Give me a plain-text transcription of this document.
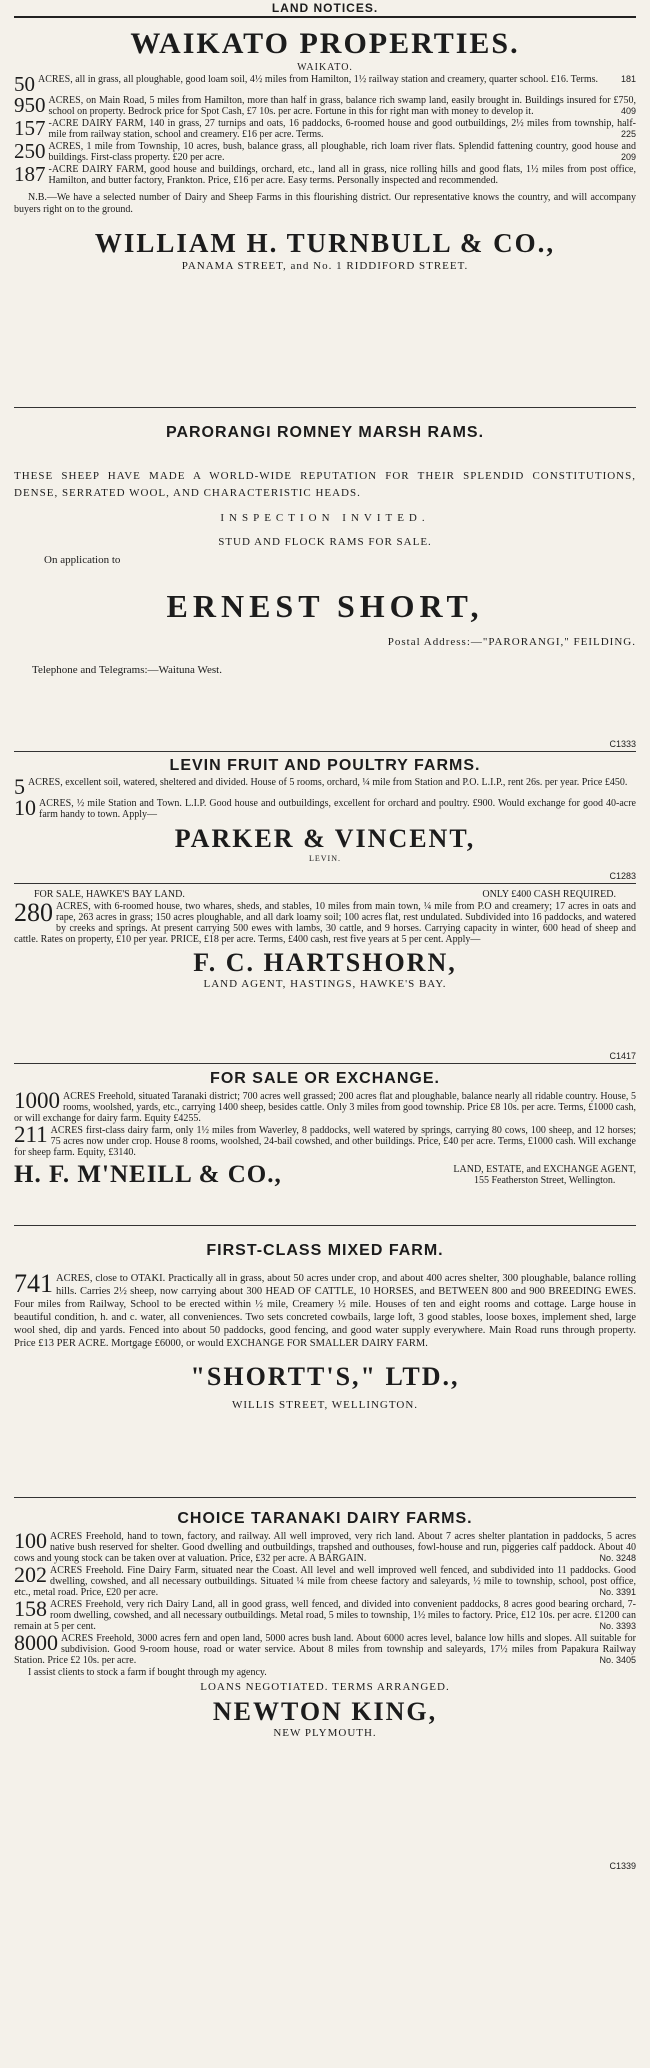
LAND NOTICES.
WAIKATO PROPERTIES.
WAIKATO.
50 ACRES, all in grass, all ploughable, good loam soil, 4½ miles from Hamilton, 1½ railway station and creamery, quarter school. £16. Terms.	181
950 ACRES, on Main Road, 5 miles from Hamilton, more than half in grass, balance rich swamp land, easily brought in. Buildings insured for £750, school on property. Bedrock price for Spot Cash, £7 10s. per acre. Fortune in this for right man with money to develop it.	409
157 -ACRE DAIRY FARM, 140 in grass, 27 turnips and oats, 16 paddocks, 6-roomed house and good outbuildings, 2½ miles from township, half-mile from railway station, school and creamery. £16 per acre. Terms.	225
250 ACRES, 1 mile from Township, 10 acres, bush, balance grass, all ploughable, rich loam river flats. Splendid fattening country, good house and buildings. First-class property. £20 per acre.	209
187 -ACRE DAIRY FARM, good house and buildings, orchard, etc., land all in grass, nice rolling hills and good flats, 1½ miles from post office, Hamilton, and butter factory, Frankton. Price, £16 per acre. Easy terms. Personally inspected and recommended.
N.B.—We have a selected number of Dairy and Sheep Farms in this flourishing district. Our representative knows the country, and will accompany buyers right on to the ground.
WILLIAM H. TURNBULL & CO.,
PANAMA STREET, and No. 1 RIDDIFORD STREET.
PARORANGI ROMNEY MARSH RAMS.
THESE SHEEP HAVE MADE A WORLD-WIDE REPUTATION FOR THEIR SPLENDID CONSTITUTIONS, DENSE, SERRATED WOOL, AND CHARACTERISTIC HEADS.
INSPECTION INVITED.
STUD AND FLOCK RAMS FOR SALE.
On application to
ERNEST SHORT,
Postal Address:—"PARORANGI," FEILDING.
Telephone and Telegrams:—Waituna West.
C1333
LEVIN FRUIT AND POULTRY FARMS.
5 ACRES, excellent soil, watered, sheltered and divided. House of 5 rooms, orchard, ¼ mile from Station and P.O. L.I.P., rent 26s. per year. Price £450.
10 ACRES, ½ mile Station and Town. L.I.P. Good house and outbuildings, excellent for orchard and poultry. £900. Would exchange for good 40-acre farm handy to town. Apply—
PARKER & VINCENT,
LEVIN.
C1283
FOR SALE, HAWKE'S BAY LAND.	ONLY £400 CASH REQUIRED.
280 ACRES, with 6-roomed house, two whares, sheds, and stables, 10 miles from main town, ¼ mile from P.O and creamery; 17 acres in oats and rape, 263 acres in grass; 150 acres ploughable, and all dark loamy soil; 100 acres flat, rest undulated. Subdivided into 16 paddocks, and watered by creeks and springs. At present carrying 500 ewes with lambs, 30 cattle, and 9 horses. Carrying capacity in winter, 600 head of sheep and cattle. Rates on property, £10 per year. PRICE, £18 per acre. Terms, £400 cash, rest five years at 5 per cent. Apply—
F. C. HARTSHORN,
LAND AGENT, HASTINGS, HAWKE'S BAY.
C1417
FOR SALE OR EXCHANGE.
1000 ACRES Freehold, situated Taranaki district; 700 acres well grassed; 200 acres flat and ploughable, balance nearly all ridable country. House, 5 rooms, woolshed, yards, etc., carrying 1400 sheep, besides cattle. Only 3 miles from good township. Price £8 10s. per acre. Terms, £1000 cash, or will exchange for dairy farm. Equity £4255.
211 ACRES first-class dairy farm, only 1½ miles from Waverley, 8 paddocks, well watered by springs, carrying 80 cows, 100 sheep, and 12 horses; 75 acres now under crop. House 8 rooms, woolshed, 24-bail cowshed, and other buildings. Price, £40 per acre. Terms, £1000 cash. Will exchange for sheep farm. Equity, £3140.
H. F. M'NEILL & CO.,	LAND, ESTATE, and EXCHANGE AGENT,
155 Featherston Street, Wellington.
FIRST-CLASS MIXED FARM.
741 ACRES, close to OTAKI. Practically all in grass, about 50 acres under crop, and about 400 acres shelter, 300 ploughable, balance rolling hills. Carries 2½ sheep, now carrying about 300 HEAD OF CATTLE, 10 HORSES, and BETWEEN 800 and 900 BREEDING EWES. Four miles from Railway, School to be erected within ½ mile, Creamery ½ mile. Houses of ten and eight rooms and cottage. Large house in beautiful condition, h. and c. water, all conveniences. Two sets concreted cowbails, large loft, 3 good stables, loose boxes, implement shed, large wool shed, dip and yards. Fenced into about 50 paddocks, good fencing, and good water supply everywhere. Main Road runs through property. Price £13 PER ACRE. Mortgage £6000, or would EXCHANGE FOR SMALLER DAIRY FARM.
"SHORTT'S," LTD.,
WILLIS STREET, WELLINGTON.
CHOICE TARANAKI DAIRY FARMS.
100 ACRES Freehold, hand to town, factory, and railway. All well improved, very rich land. About 7 acres shelter plantation in paddocks, 5 acres native bush reserved for shelter. Good dwelling and outbuildings, trapshed and outhouses, fowl-house and run, piggeries calf paddock. About 40 cows and young stock can be taken over at valuation. Price, £32 per acre. A BARGAIN.	No. 3248
202 ACRES Freehold. Fine Dairy Farm, situated near the Coast. All level and well improved well fenced, and subdivided into 11 paddocks. Good dwelling, cowshed, and all necessary outbuildings. Situated ¼ mile from cheese factory and saleyards, ½ mile to township, school, post office, etc., metal road. Price, £20 per acre.	No. 3391
158 ACRES Freehold, very rich Dairy Land, all in good grass, well fenced, and divided into convenient paddocks, 8 acres good bearing orchard, 7-room dwelling, cowshed, and all necessary outbuildings. Metal road, 5 miles to township, 1½ miles to factory. Price, £12 10s. per acre. £1200 can remain at 5 per cent.	No. 3393
8000 ACRES Freehold, 3000 acres fern and open land, 5000 acres bush land. About 6000 acres level, balance low hills and slopes. All suitable for subdivision. Good 9-room house, road or water service. About 8 miles from township and saleyards, 17½ miles from Papakura Railway Station. Price £2 10s. per acre.	No. 3405
I assist clients to stock a farm if bought through my agency.
LOANS NEGOTIATED. TERMS ARRANGED.
NEWTON KING,
NEW PLYMOUTH.
C1339
